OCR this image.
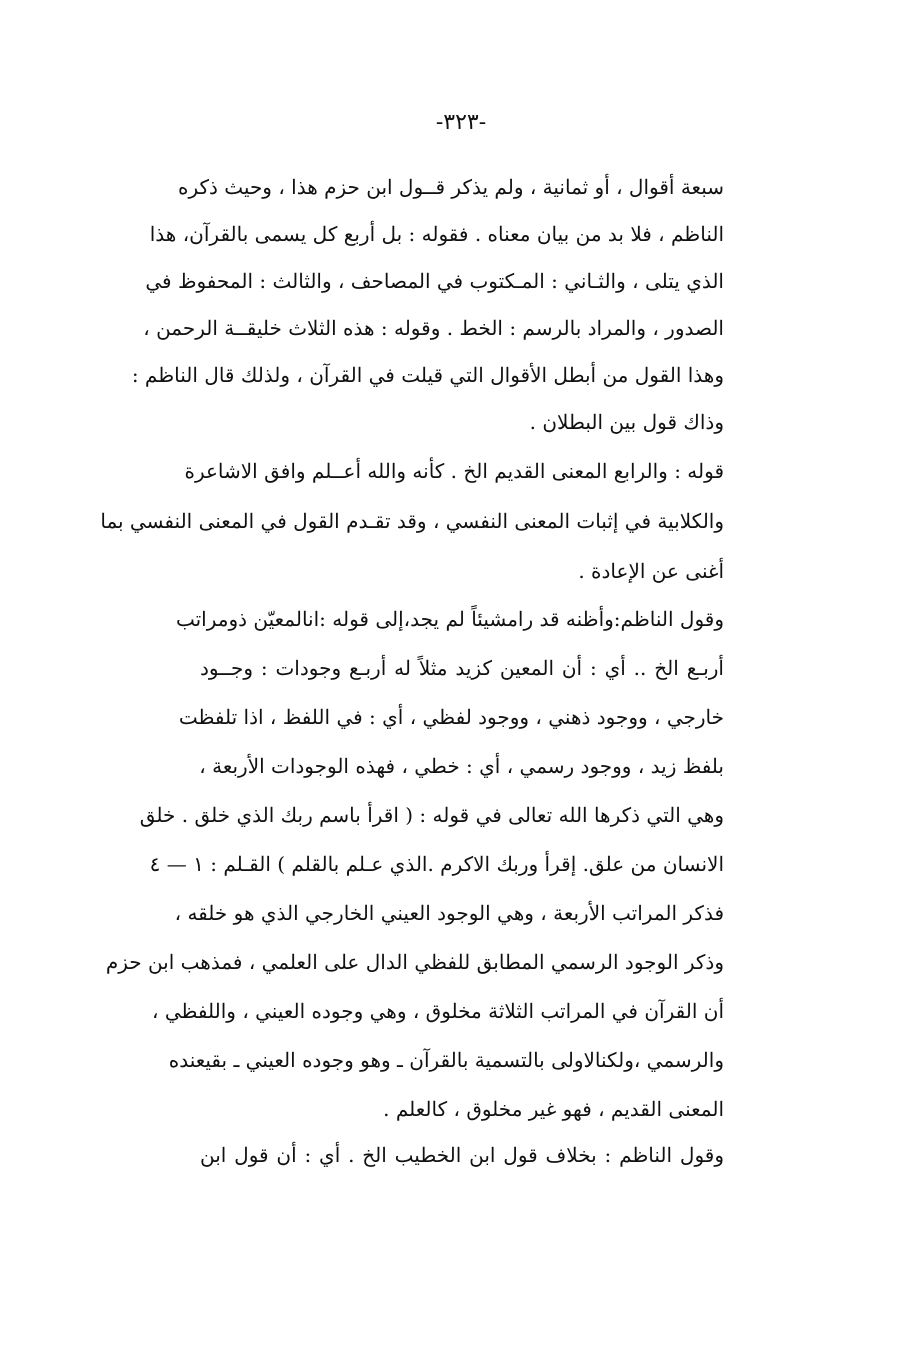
-٣٢٣-
سبعة أقوال ، أو ثمانية ، ولم يذكر قــول ابن حزم هذا ، وحيث ذكره
الناظم ، فلا بد من بيان معناه . فقوله : بل أربع كل يسمى بالقرآن، هذا
الذي يتلى ، والثـاني : المـكتوب في المصاحف ، والثالث : المحفوظ في
الصدور ، والمراد بالرسم : الخط . وقوله : هذه الثلاث خليقــة الرحمن ،
وهذا القول من أبطل الأقوال التي قيلت في القرآن ، ولذلك قال الناظم :
وذاك قول بين البطلان .
قوله : والرابع المعنى القديم الخ . كأنه والله أعــلم وافق الاشاعرة
والكلابية في إثبات المعنى النفسي ، وقد تقـدم القول في المعنى النفسي بما
أغنى عن الإعادة .
وقول الناظم:وأظنه قد رامشيئاً لم يجد،إلى قوله :انالمعيّن ذومراتب
أربـع الخ .. أي : أن المعين كزيد مثلاً له أربـع وجودات : وجــود
خارجي ، ووجود ذهني ، ووجود لفظي ، أي : في اللفظ ، اذا تلفظت
بلفظ زيد ، ووجود رسمي ، أي : خطي ، فهذه الوجودات الأربعة ،
وهي التي ذكرها الله تعالى في قوله : ( اقرأ باسم ربك الذي خلق . خلق
الانسان من علق. إقرأ وربك الاكرم .الذي عـلم بالقلم ) القـلم : ١ — ٤
فذكر المراتب الأربعة ، وهي الوجود العيني الخارجي الذي هو خلقه ،
وذكر الوجود الرسمي المطابق للفظي الدال على العلمي ، فمذهب ابن حزم
أن القرآن في المراتب الثلاثة مخلوق ، وهي وجوده العيني ، واللفظي ،
والرسمي ،ولكنالاولى بالتسمية بالقرآن ـ وهو وجوده العيني ـ بقيعنده
المعنى القديم ، فهو غير مخلوق ، كالعلم .
وقول الناظم : بخلاف قول ابن الخطيب الخ . أي : أن قول ابن
